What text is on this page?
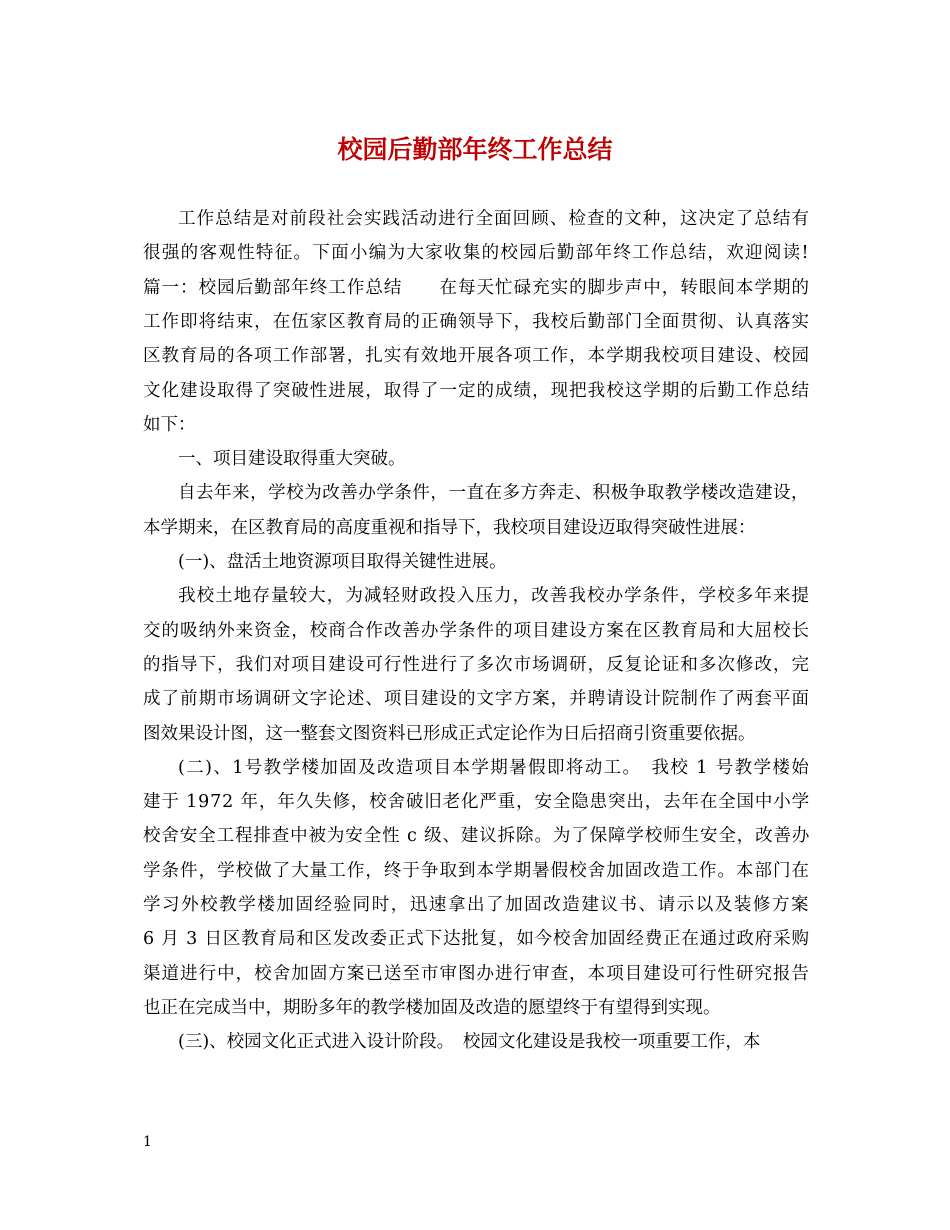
校园后勤部年终工作总结
工作总结是对前段社会实践活动进行全面回顾、检查的文种，这决定了总结有
很强的客观性特征。下面小编为大家收集的校园后勤部年终工作总结，欢迎阅读!
篇一：校园后勤部年终工作总结　　在每天忙碌充实的脚步声中，转眼间本学期的
工作即将结束，在伍家区教育局的正确领导下，我校后勤部门全面贯彻、认真落实
区教育局的各项工作部署，扎实有效地开展各项工作，本学期我校项目建设、校园
文化建设取得了突破性进展，取得了一定的成绩，现把我校这学期的后勤工作总结
如下：
一、项目建设取得重大突破。
自去年来，学校为改善办学条件，一直在多方奔走、积极争取教学楼改造建设，
本学期来，在区教育局的高度重视和指导下，我校项目建设迈取得突破性进展：
(一)、盘活土地资源项目取得关键性进展。
我校土地存量较大，为减轻财政投入压力，改善我校办学条件，学校多年来提
交的吸纳外来资金，校商合作改善办学条件的项目建设方案在区教育局和大屈校长
的指导下，我们对项目建设可行性进行了多次市场调研，反复论证和多次修改，完
成了前期市场调研文字论述、项目建设的文字方案，并聘请设计院制作了两套平面
图效果设计图，这一整套文图资料已形成正式定论作为日后招商引资重要依据。
(二)、1号教学楼加固及改造项目本学期暑假即将动工。　我校 1 号教学楼始
建于 1972 年，年久失修，校舍破旧老化严重，安全隐患突出，去年在全国中小学
校舍安全工程排查中被为安全性 c 级、建议拆除。为了保障学校师生安全，改善办
学条件，学校做了大量工作，终于争取到本学期暑假校舍加固改造工作。本部门在
学习外校教学楼加固经验同时，迅速拿出了加固改造建议书、请示以及装修方案
6 月 3 日区教育局和区发改委正式下达批复，如今校舍加固经费正在通过政府采购
渠道进行中，校舍加固方案已送至市审图办进行审查，本项目建设可行性研究报告
也正在完成当中，期盼多年的教学楼加固及改造的愿望终于有望得到实现。
(三)、校园文化正式进入设计阶段。　校园文化建设是我校一项重要工作，本
1
